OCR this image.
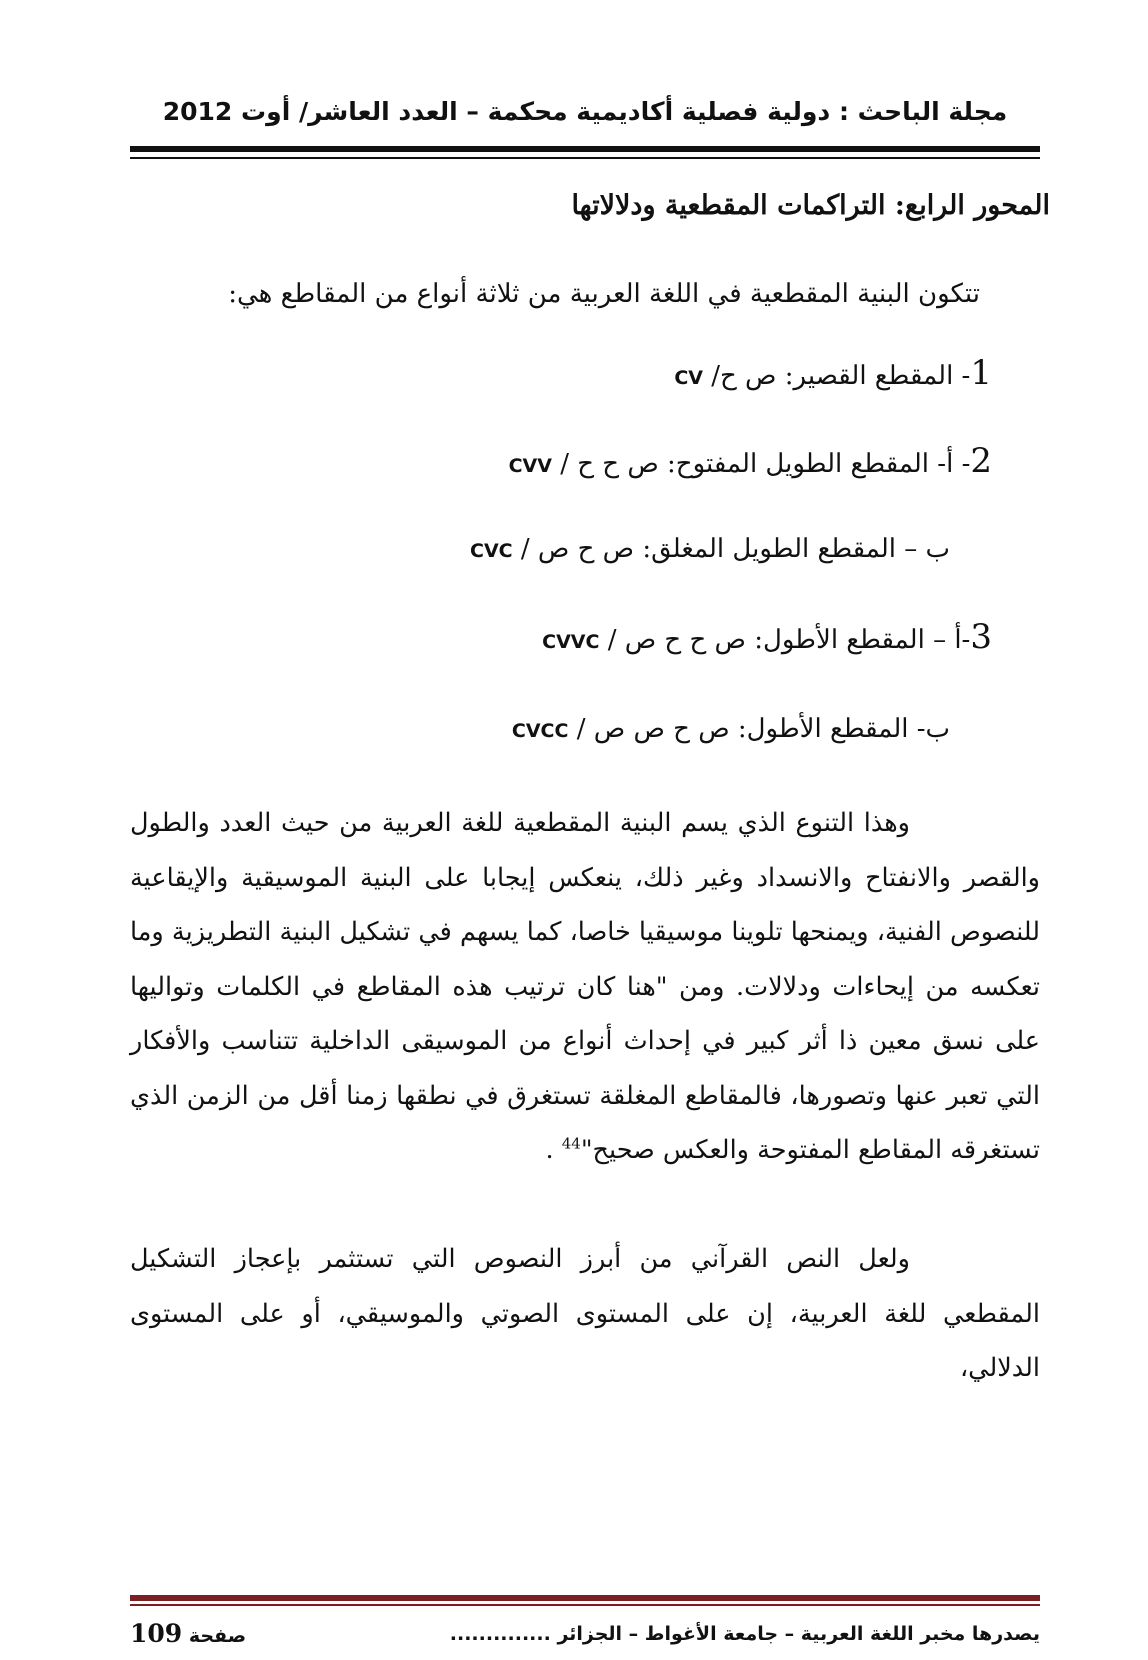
مجلة الباحث : دولية فصلية أكاديمية محكمة – العدد العاشر/ أوت 2012
المحور الرابع: التراكمات المقطعية ودلالاتها
تتكون البنية المقطعية في اللغة العربية من ثلاثة أنواع من المقاطع هي:
1- المقطع القصير: ص ح/ CV
2- أ- المقطع الطويل المفتوح: ص ح ح / CVV
ب – المقطع الطويل المغلق: ص ح ص / CVC
3-أ – المقطع الأطول: ص ح ح ص / CVVC
ب- المقطع الأطول: ص ح ص ص / CVCC
وهذا التنوع الذي يسم البنية المقطعية للغة العربية من حيث العدد والطول والقصر والانفتاح والانسداد وغير ذلك، ينعكس إيجابا على البنية الموسيقية والإيقاعية للنصوص الفنية، ويمنحها تلوينا موسيقيا خاصا، كما يسهم في تشكيل البنية التطريزية وما تعكسه من إيحاءات ودلالات. ومن "هنا كان ترتيب هذه المقاطع في الكلمات وتواليها على نسق معين ذا أثر كبير في إحداث أنواع من الموسيقى الداخلية تتناسب والأفكار التي تعبر عنها وتصورها، فالمقاطع المغلقة تستغرق في نطقها زمنا أقل من الزمن الذي تستغرقه المقاطع المفتوحة والعكس صحيح"$^{44}$ .
ولعل النص القرآني من أبرز النصوص التي تستثمر بإعجاز التشكيل المقطعي للغة العربية، إن على المستوى الصوتي والموسيقي، أو على المستوى الدلالي،
يصدرها مخبر اللغة العربية – جامعة الأغواط – الجزائر ..............
صفحة 109
